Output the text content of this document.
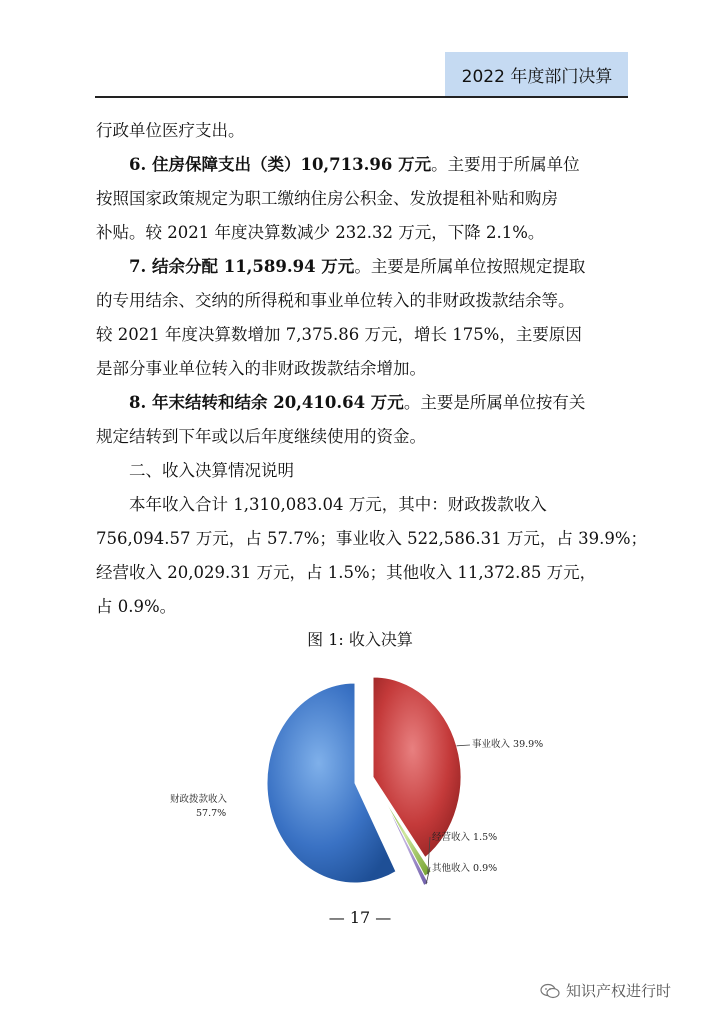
2022 年度部门决算

行政单位医疗支出。

6. 住房保障支出（类）10,713.96 万元。主要用于所属单位
按照国家政策规定为职工缴纳住房公积金、发放提租补贴和购房
补贴。较 2021 年度决算数减少 232.32 万元，下降 2.1%。

7. 结余分配 11,589.94 万元。主要是所属单位按照规定提取
的专用结余、交纳的所得税和事业单位转入的非财政拨款结余等。
较 2021 年度决算数增加 7,375.86 万元，增长 175%，主要原因
是部分事业单位转入的非财政拨款结余增加。

8. 年末结转和结余 20,410.64 万元。主要是所属单位按有关
规定结转到下年或以后年度继续使用的资金。

二、收入决算情况说明

本年收入合计 1,310,083.04 万元，其中：财政拨款收入
756,094.57 万元，占 57.7%；事业收入 522,586.31 万元，占 39.9%；
经营收入 20,029.31 万元，占 1.5%；其他收入 11,372.85 万元，
占 0.9%。

图 1: 收入决算
事业收入 39.9%
经营收入 1.5%
其他收入 0.9%
财政拨款收入
57.7%
— 17 —
知识产权进行时
